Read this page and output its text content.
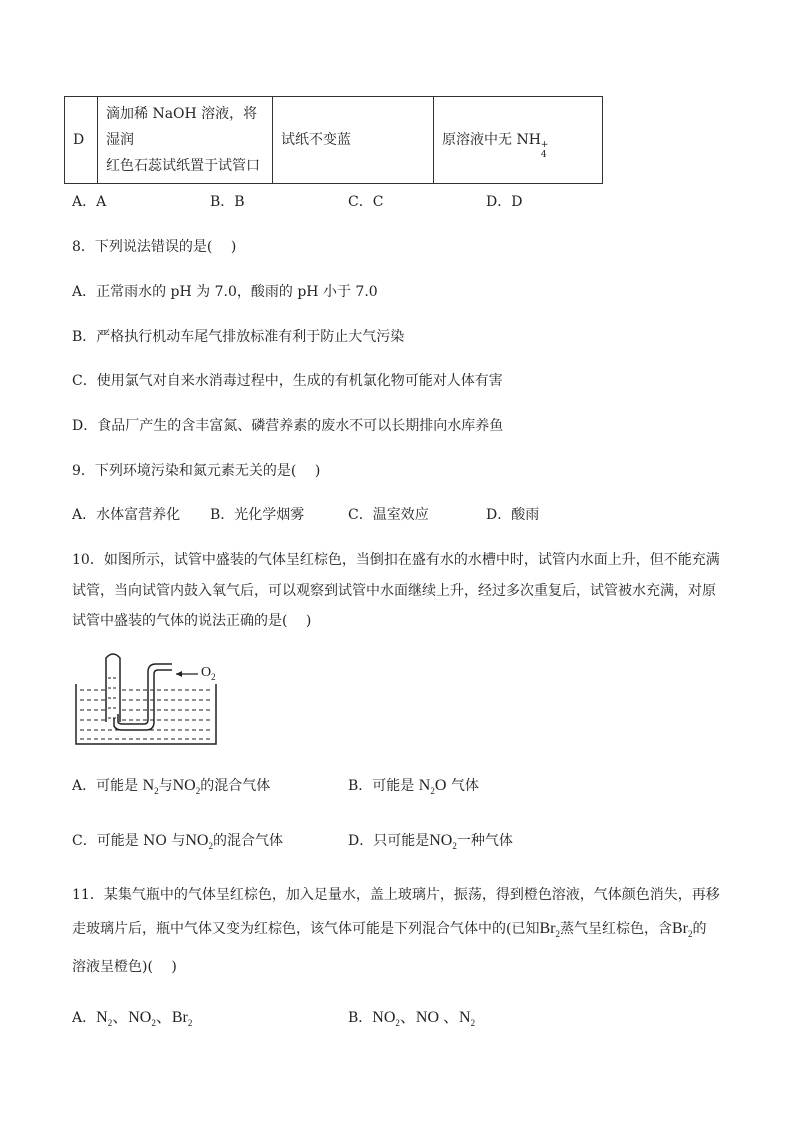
D	
滴加稀 NaOH 溶液，将湿润
红色石蕊试纸置于试管口
	试纸不变蓝	原溶液中无 NH +
4
A．A	B．B	C．C	D．D
8．下列说法错误的是(　 )
A．正常雨水的 pH 为 7.0，酸雨的 pH 小于 7.0
B．严格执行机动车尾气排放标准有利于防止大气污染
C．使用氯气对自来水消毒过程中，生成的有机氯化物可能对人体有害
D．食品厂产生的含丰富氮、磷营养素的废水不可以长期排向水库养鱼
9．下列环境污染和氮元素无关的是(　 )
A．水体富营养化 B．光化学烟雾	C．温室效应	D．酸雨
10．如图所示，试管中盛装的气体呈红棕色，当倒扣在盛有水的水槽中时，试管内水面上升，但不能充满
试管，当向试管内鼓入氧气后，可以观察到试管中水面继续上升，经过多次重复后，试管被水充满，对原
试管中盛装的气体的说法正确的是(　 )
$O_2$
A．可能是 $N_2$与$NO_2$的混合气体	B．可能是 $N_2O$ 气体
C．可能是 NO 与$NO_2$的混合气体	D．只可能是$NO_2$一种气体
11．某集气瓶中的气体呈红棕色，加入足量水，盖上玻璃片，振荡，得到橙色溶液，气体颜色消失，再移
走玻璃片后，瓶中气体又变为红棕色，该气体可能是下列混合气体中的(已知$Br_2$蒸气呈红棕色，含$Br_2$的
溶液呈橙色)(　 )
A．$N_2$、$NO_2$、$Br_2$	B．$NO_2$、NO 、$N_2$
